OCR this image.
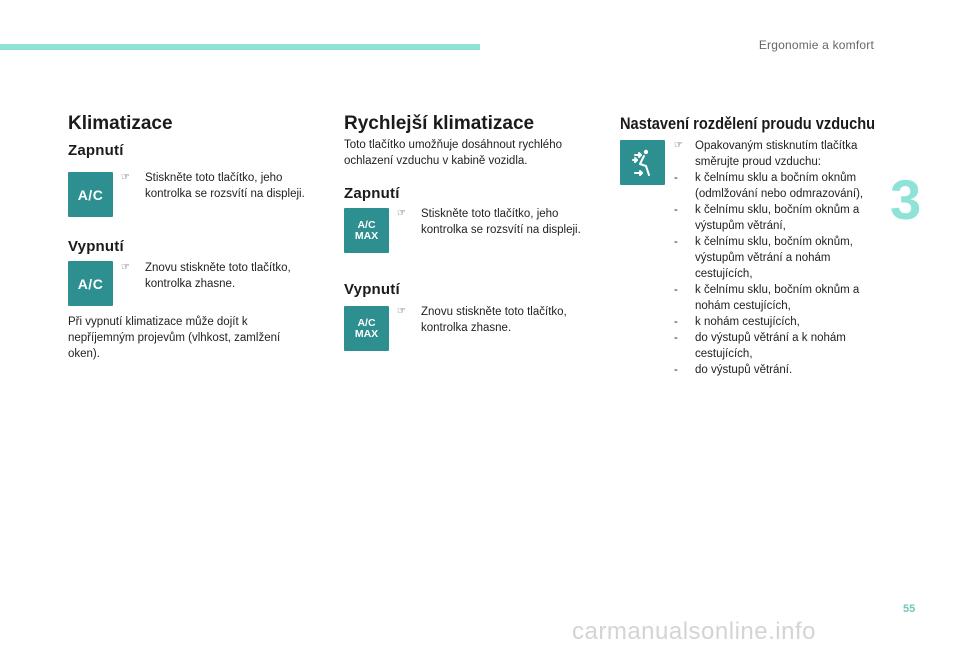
Ergonomie a komfort
3
Klimatizace
Zapnutí
A/C
☞ Stiskněte toto tlačítko, jeho kontrolka se rozsvítí na displeji.
Vypnutí
A/C
☞ Znovu stiskněte toto tlačítko, kontrolka zhasne.
Při vypnutí klimatizace může dojít k nepříjemným projevům (vlhkost, zamlžení oken).
Rychlejší klimatizace
Toto tlačítko umožňuje dosáhnout rychlého ochlazení vzduchu v kabině vozidla.
Zapnutí
A/C
MAX
☞ Stiskněte toto tlačítko, jeho kontrolka se rozsvítí na displeji.
Vypnutí
A/C
MAX
☞ Znovu stiskněte toto tlačítko, kontrolka zhasne.
Nastavení rozdělení proudu vzduchu
☞ Opakovaným stisknutím tlačítka směrujte proud vzduchu:
- k čelnímu sklu a bočním oknům (odmlžování nebo odmrazování),
- k čelnímu sklu, bočním oknům a výstupům větrání,
- k čelnímu sklu, bočním oknům, výstupům větrání a nohám cestujících,
- k čelnímu sklu, bočním oknům a nohám cestujících,
- k nohám cestujících,
- do výstupů větrání a k nohám cestujících,
- do výstupů větrání.
55
carmanualsonline.info
